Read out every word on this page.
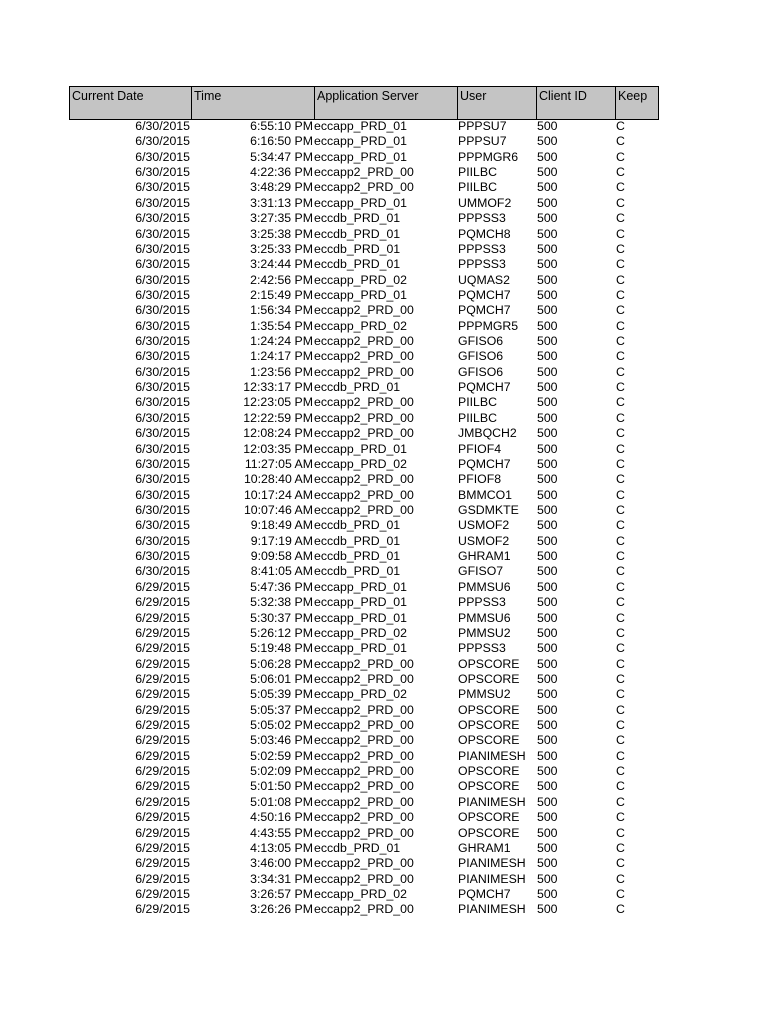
Current Date	Time	Application Server	User	Client ID	Keep
6/30/2015	6:55:10 PM eccapp_PRD_01	PPPSU7	500	C
6/30/2015	6:16:50 PM eccapp_PRD_01	PPPSU7	500	C
6/30/2015	5:34:47 PM eccapp_PRD_01	PPPMGR6	500	C
6/30/2015	4:22:36 PM eccapp2_PRD_00	PIILBC	500	C
6/30/2015	3:48:29 PM eccapp2_PRD_00	PIILBC	500	C
6/30/2015	3:31:13 PM eccapp_PRD_01	UMMOF2	500	C
6/30/2015	3:27:35 PM eccdb_PRD_01	PPPSS3	500	C
6/30/2015	3:25:38 PM eccdb_PRD_01	PQMCH8	500	C
6/30/2015	3:25:33 PM eccdb_PRD_01	PPPSS3	500	C
6/30/2015	3:24:44 PM eccdb_PRD_01	PPPSS3	500	C
6/30/2015	2:42:56 PM eccapp_PRD_02	UQMAS2	500	C
6/30/2015	2:15:49 PM eccapp_PRD_01	PQMCH7	500	C
6/30/2015	1:56:34 PM eccapp2_PRD_00	PQMCH7	500	C
6/30/2015	1:35:54 PM eccapp_PRD_02	PPPMGR5	500	C
6/30/2015	1:24:24 PM eccapp2_PRD_00	GFISO6	500	C
6/30/2015	1:24:17 PM eccapp2_PRD_00	GFISO6	500	C
6/30/2015	1:23:56 PM eccapp2_PRD_00	GFISO6	500	C
6/30/2015	12:33:17 PM eccdb_PRD_01	PQMCH7	500	C
6/30/2015	12:23:05 PM eccapp2_PRD_00	PIILBC	500	C
6/30/2015	12:22:59 PM eccapp2_PRD_00	PIILBC	500	C
6/30/2015	12:08:24 PM eccapp2_PRD_00	JMBQCH2	500	C
6/30/2015	12:03:35 PM eccapp_PRD_01	PFIOF4	500	C
6/30/2015	11:27:05 AM eccapp_PRD_02	PQMCH7	500	C
6/30/2015	10:28:40 AM eccapp2_PRD_00	PFIOF8	500	C
6/30/2015	10:17:24 AM eccapp2_PRD_00	BMMCO1	500	C
6/30/2015	10:07:46 AM eccapp2_PRD_00	GSDMKTE	500	C
6/30/2015	9:18:49 AM eccdb_PRD_01	USMOF2	500	C
6/30/2015	9:17:19 AM eccdb_PRD_01	USMOF2	500	C
6/30/2015	9:09:58 AM eccdb_PRD_01	GHRAM1	500	C
6/30/2015	8:41:05 AM eccdb_PRD_01	GFISO7	500	C
6/29/2015	5:47:36 PM eccapp_PRD_01	PMMSU6	500	C
6/29/2015	5:32:38 PM eccapp_PRD_01	PPPSS3	500	C
6/29/2015	5:30:37 PM eccapp_PRD_01	PMMSU6	500	C
6/29/2015	5:26:12 PM eccapp_PRD_02	PMMSU2	500	C
6/29/2015	5:19:48 PM eccapp_PRD_01	PPPSS3	500	C
6/29/2015	5:06:28 PM eccapp2_PRD_00	OPSCORE	500	C
6/29/2015	5:06:01 PM eccapp2_PRD_00	OPSCORE	500	C
6/29/2015	5:05:39 PM eccapp_PRD_02	PMMSU2	500	C
6/29/2015	5:05:37 PM eccapp2_PRD_00	OPSCORE	500	C
6/29/2015	5:05:02 PM eccapp2_PRD_00	OPSCORE	500	C
6/29/2015	5:03:46 PM eccapp2_PRD_00	OPSCORE	500	C
6/29/2015	5:02:59 PM eccapp2_PRD_00	PIANIMESH 500	C
6/29/2015	5:02:09 PM eccapp2_PRD_00	OPSCORE	500	C
6/29/2015	5:01:50 PM eccapp2_PRD_00	OPSCORE	500	C
6/29/2015	5:01:08 PM eccapp2_PRD_00	PIANIMESH 500	C
6/29/2015	4:50:16 PM eccapp2_PRD_00	OPSCORE	500	C
6/29/2015	4:43:55 PM eccapp2_PRD_00	OPSCORE	500	C
6/29/2015	4:13:05 PM eccdb_PRD_01	GHRAM1	500	C
6/29/2015	3:46:00 PM eccapp2_PRD_00	PIANIMESH 500	C
6/29/2015	3:34:31 PM eccapp2_PRD_00	PIANIMESH 500	C
6/29/2015	3:26:57 PM eccapp_PRD_02	PQMCH7	500	C
6/29/2015	3:26:26 PM eccapp2_PRD_00	PIANIMESH 500	C
